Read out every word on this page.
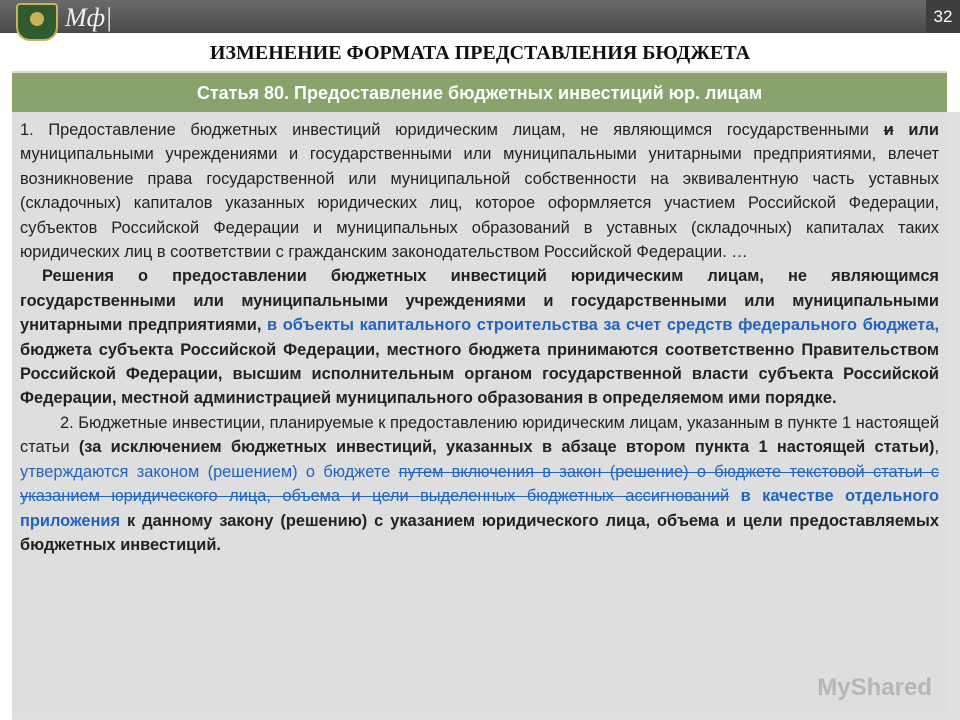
Мф|	32
ИЗМЕНЕНИЕ ФОРМАТА ПРЕДСТАВЛЕНИЯ БЮДЖЕТА
Статья 80. Предоставление бюджетных инвестиций юр. лицам

1. Предоставление бюджетных инвестиций юридическим лицам, не являющимся государственными и или муниципальными учреждениями и государственными или муниципальными унитарными предприятиями, влечет возникновение права государственной или муниципальной собственности на эквивалентную часть уставных (складочных) капиталов указанных юридических лиц, которое оформляется участием Российской Федерации, субъектов Российской Федерации и муниципальных образований в уставных (складочных) капиталах таких юридических лиц в соответствии с гражданским законодательством Российской Федерации. …

Решения о предоставлении бюджетных инвестиций юридическим лицам, не являющимся государственными или муниципальными учреждениями и государственными или муниципальными унитарными предприятиями, в объекты капитального строительства за счет средств федерального бюджета, бюджета субъекта Российской Федерации, местного бюджета принимаются соответственно Правительством Российской Федерации, высшим исполнительным органом государственной власти субъекта Российской Федерации, местной администрацией муниципального образования в определяемом ими порядке.

2. Бюджетные инвестиции, планируемые к предоставлению юридическим лицам, указанным в пункте 1 настоящей статьи (за исключением бюджетных инвестиций, указанных в абзаце втором пункта 1 настоящей статьи), утверждаются законом (решением) о бюджете путем включения в закон (решение) о бюджете текстовой статьи с указанием юридического лица, объема и цели выделенных бюджетных ассигнований в качестве отдельного приложения к данному закону (решению) с указанием юридического лица, объема и цели предоставляемых бюджетных инвестиций.

MyShared
